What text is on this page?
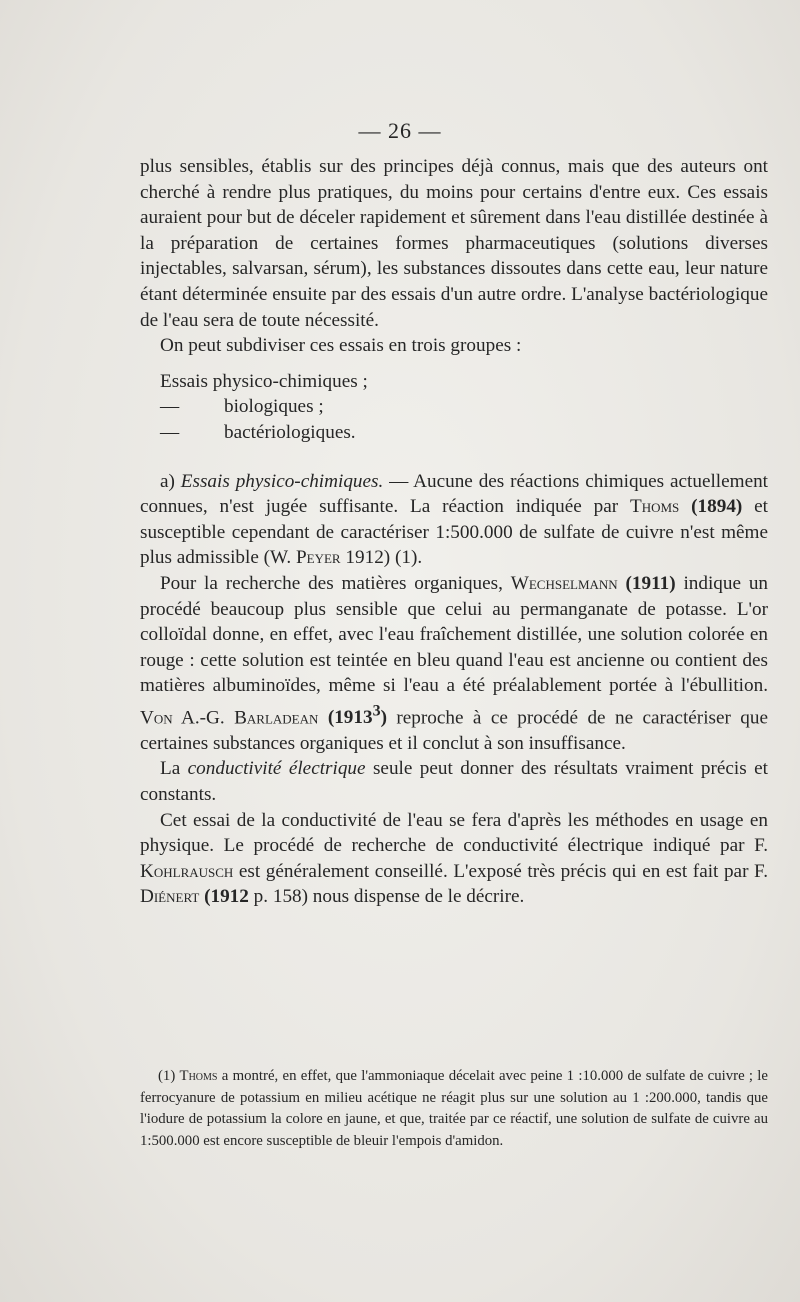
— 26 —

plus sensibles, établis sur des principes déjà connus, mais que des auteurs ont cherché à rendre plus pratiques, du moins pour certains d'entre eux. Ces essais auraient pour but de déceler rapidement et sûrement dans l'eau distillée destinée à la préparation de certaines formes pharmaceutiques (solutions diverses injectables, salvarsan, sérum), les substances dissoutes dans cette eau, leur nature étant déterminée ensuite par des essais d'un autre ordre. L'analyse bactériologique de l'eau sera de toute nécessité.

On peut subdiviser ces essais en trois groupes :

Essais physico-chimiques ;
— biologiques ;
— bactériologiques.

a) Essais physico-chimiques. — Aucune des réactions chimiques actuellement connues, n'est jugée suffisante. La réaction indiquée par Thoms (1894) et susceptible cependant de caractériser 1:500.000 de sulfate de cuivre n'est même plus admissible (W. Peyer 1912) (1).

Pour la recherche des matières organiques, Wechselmann (1911) indique un procédé beaucoup plus sensible que celui au permanganate de potasse. L'or colloïdal donne, en effet, avec l'eau fraîchement distillée, une solution colorée en rouge : cette solution est teintée en bleu quand l'eau est ancienne ou contient des matières albuminoïdes, même si l'eau a été préalablement portée à l'ébullition. Von A.-G. Barladean (1913$^3$) reproche à ce procédé de ne caractériser que certaines substances organiques et il conclut à son insuffisance.

La conductivité électrique seule peut donner des résultats vraiment précis et constants.

Cet essai de la conductivité de l'eau se fera d'après les méthodes en usage en physique. Le procédé de recherche de conductivité électrique indiqué par F. Kohlrausch est généralement conseillé. L'exposé très précis qui en est fait par F. Diénert (1912 p. 158) nous dispense de le décrire.

(1) Thoms a montré, en effet, que l'ammoniaque décelait avec peine 1 :10.000 de sulfate de cuivre ; le ferrocyanure de potassium en milieu acétique ne réagit plus sur une solution au 1 :200.000, tandis que l'iodure de potassium la colore en jaune, et que, traitée par ce réactif, une solution de sulfate de cuivre au 1:500.000 est encore susceptible de bleuir l'empois d'amidon.
